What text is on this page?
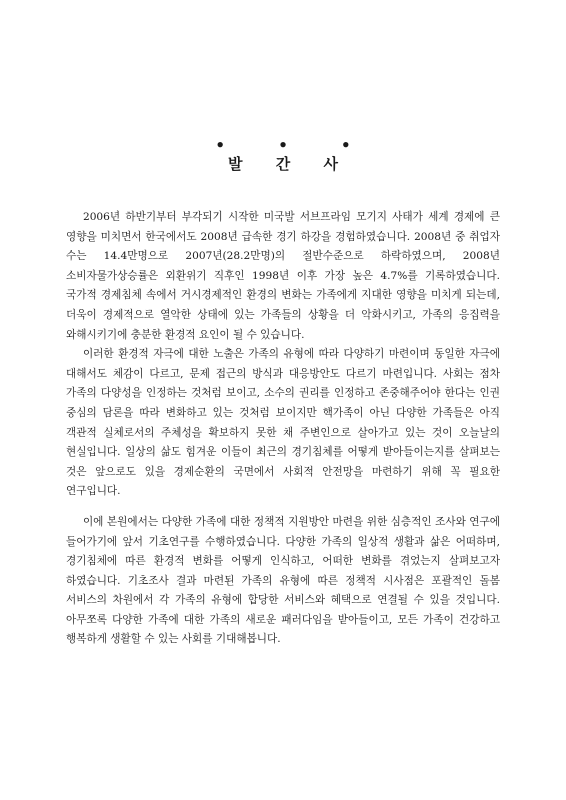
• • •
발 간 사

2006년 하반기부터 부각되기 시작한 미국발 서브프라임 모기지 사태가 세계 경제에 큰 영향을 미치면서 한국에서도 2008년 급속한 경기 하강을 경험하였습니다. 2008년 중 취업자 수는 14.4만명으로 2007년(28.2만명)의 절반수준으로 하락하였으며, 2008년 소비자물가상승률은 외환위기 직후인 1998년 이후 가장 높은 4.7%를 기록하였습니다. 국가적 경제침체 속에서 거시경제적인 환경의 변화는 가족에게 지대한 영향을 미치게 되는데, 더욱이 경제적으로 열악한 상태에 있는 가족들의 상황을 더 악화시키고, 가족의 응집력을 와해시키기에 충분한 환경적 요인이 될 수 있습니다.

이러한 환경적 자극에 대한 노출은 가족의 유형에 따라 다양하기 마련이며 동일한 자극에 대해서도 체감이 다르고, 문제 접근의 방식과 대응방안도 다르기 마련입니다. 사회는 점차 가족의 다양성을 인정하는 것처럼 보이고, 소수의 권리를 인정하고 존중해주어야 한다는 인권 중심의 담론을 따라 변화하고 있는 것처럼 보이지만 핵가족이 아닌 다양한 가족들은 아직 객관적 실체로서의 주체성을 확보하지 못한 채 주변인으로 살아가고 있는 것이 오늘날의 현실입니다. 일상의 삶도 힘겨운 이들이 최근의 경기침체를 어떻게 받아들이는지를 살펴보는 것은 앞으로도 있을 경제순환의 국면에서 사회적 안전망을 마련하기 위해 꼭 필요한 연구입니다.

이에 본원에서는 다양한 가족에 대한 정책적 지원방안 마련을 위한 심층적인 조사와 연구에 들어가기에 앞서 기초연구를 수행하였습니다. 다양한 가족의 일상적 생활과 삶은 어떠하며, 경기침체에 따른 환경적 변화를 어떻게 인식하고, 어떠한 변화를 겪었는지 살펴보고자 하였습니다. 기초조사 결과 마련된 가족의 유형에 따른 정책적 시사점은 포괄적인 돌봄 서비스의 차원에서 각 가족의 유형에 합당한 서비스와 혜택으로 연결될 수 있을 것입니다. 아무쪼록 다양한 가족에 대한 가족의 새로운 패러다임을 받아들이고, 모든 가족이 건강하고 행복하게 생활할 수 있는 사회를 기대해봅니다.
